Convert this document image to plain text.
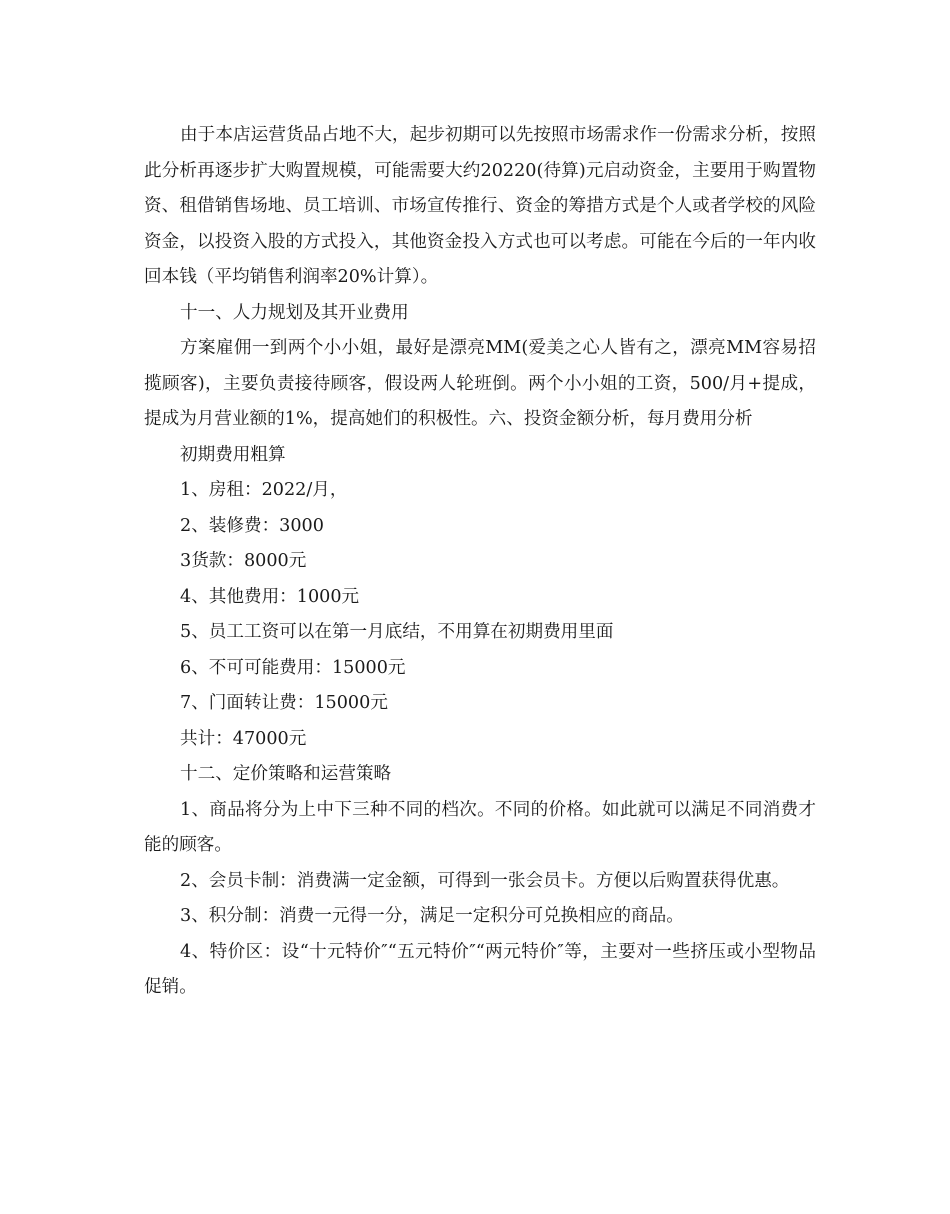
由于本店运营货品占地不大，起步初期可以先按照市场需求作一份需求分析，按照此分析再逐步扩大购置规模，可能需要大约20220(待算)元启动资金，主要用于购置物资、租借销售场地、员工培训、市场宣传推行、资金的筹措方式是个人或者学校的风险资金，以投资入股的方式投入，其他资金投入方式也可以考虑。可能在今后的一年内收回本钱（平均销售利润率20%计算）。

十一、人力规划及其开业费用

方案雇佣一到两个小小姐，最好是漂亮MM(爱美之心人皆有之，漂亮MM容易招揽顾客)，主要负责接待顾客，假设两人轮班倒。两个小小姐的工资，500/月+提成，提成为月营业额的1%，提高她们的积极性。六、投资金额分析，每月费用分析

初期费用粗算

1、房租：2022/月，

2、装修费：3000

3货款：8000元

4、其他费用：1000元

5、员工工资可以在第一月底结，不用算在初期费用里面

6、不可可能费用：15000元

7、门面转让费：15000元

共计：47000元

十二、定价策略和运营策略

1、商品将分为上中下三种不同的档次。不同的价格。如此就可以满足不同消费才能的顾客。

2、会员卡制：消费满一定金额，可得到一张会员卡。方便以后购置获得优惠。

3、积分制：消费一元得一分，满足一定积分可兑换相应的商品。

4、特价区：设“十元特价″“五元特价″“两元特价″等，主要对一些挤压或小型物品促销。
